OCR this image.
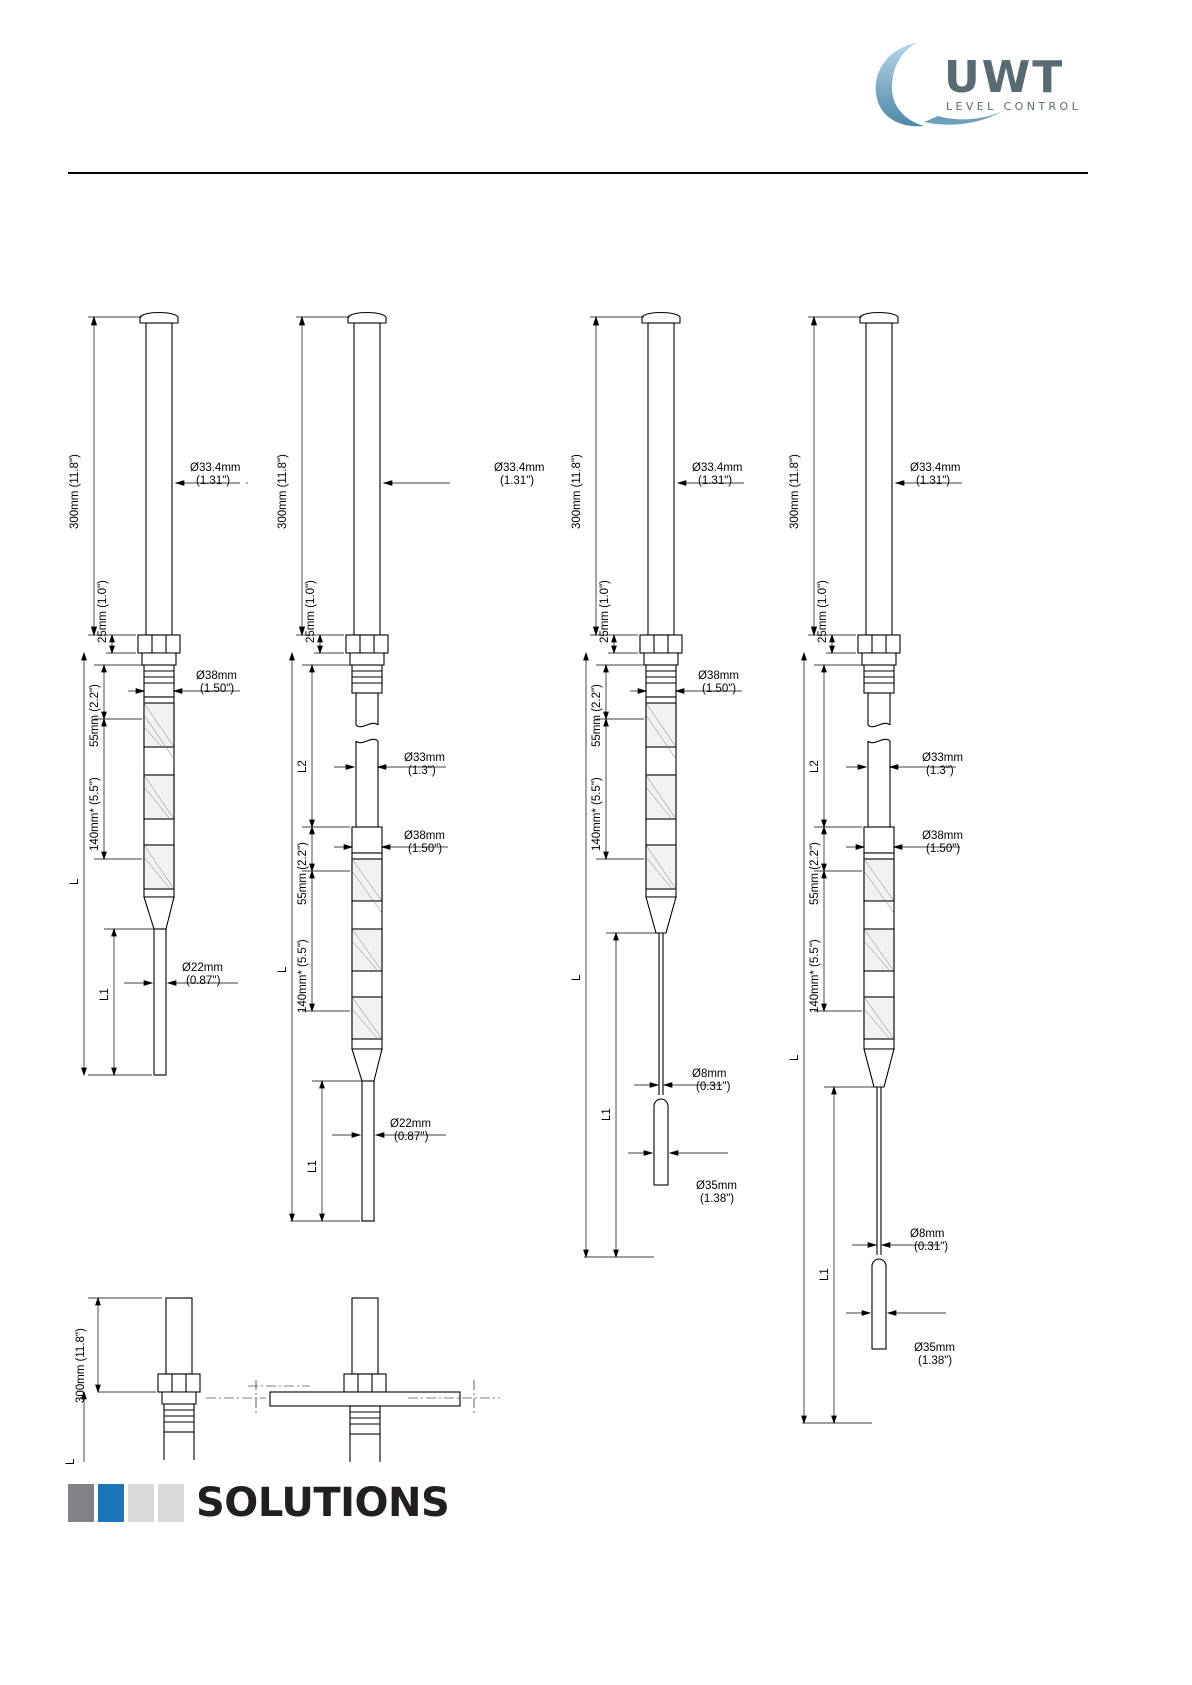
UWT
LEVEL CONTROL
300mm (11.8")
25mm (1.0")
55mm (2.2")
140mm* (5.5")
L
L1
Ø33.4mm
(1.31")
Ø38mm
(1.50")
Ø22mm
(0.87'')
300mm (11.8")
25mm (1.0")
L2
55mm (2.2")
140mm* (5.5")
L
L1
Ø33.4mm
(1.31")
Ø33mm
(1.3")
Ø38mm
(1.50")
Ø22mm
(0.87'')
300mm (11.8")
25mm (1.0")
55mm (2.2")
140mm* (5.5")
L
L1
Ø33.4mm
(1.31")
Ø38mm
(1.50")
Ø8mm
(0.31'')
Ø35mm
(1.38")
300mm (11.8")
25mm (1.0")
L2
55mm (2.2")
140mm* (5.5")
L
L1
Ø33.4mm
(1.31")
Ø33mm
(1.3")
Ø38mm
(1.50")
Ø8mm
(0.31")
Ø35mm
(1.38")
300mm (11.8")
L
SOLUTIONS
